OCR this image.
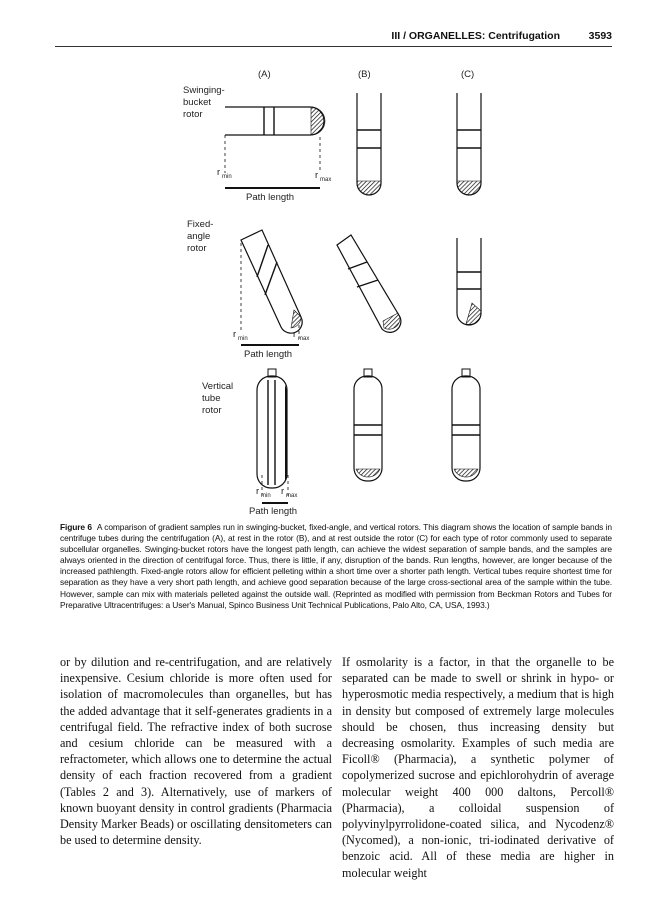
III / ORGANELLES: Centrifugation	3593
(A)	(B)	(C)
Swinging-
bucket
rotor
r min	r max
Path length
Fixed-
angle
rotor
r min	r max
Path length
Vertical
tube
rotor
r min r max
Path length
Figure 6 A comparison of gradient samples run in swinging-bucket, fixed-angle, and vertical rotors. This diagram shows the location of sample bands in centrifuge tubes during the centrifugation (A), at rest in the rotor (B), and at rest outside the rotor (C) for each type of rotor commonly used to separate subcellular organelles. Swinging-bucket rotors have the longest path length, can achieve the widest separation of sample bands, and the samples are always oriented in the direction of centrifugal force. Thus, there is little, if any, disruption of the bands. Run lengths, however, are longer because of the increased pathlength. Fixed-angle rotors allow for efficient pelleting within a short time over a shorter path length. Vertical tubes require shortest time for separation as they have a very short path length, and achieve good separation because of the large cross-sectional area of the sample within the tube. However, sample can mix with materials pelleted against the outside wall. (Reprinted as modified with permission from Beckman Rotors and Tubes for Preparative Ultracentrifuges: a User's Manual, Spinco Business Unit Technical Publications, Palo Alto, CA, USA, 1993.)
or by dilution and re-centrifugation, and are relatively inexpensive. Cesium chloride is more often used for isolation of macromolecules than organelles, but has the added advantage that it self-generates gradients in a centrifugal field. The refractive index of both sucrose and cesium chloride can be measured with a refractometer, which allows one to determine the actual density of each fraction recovered from a gradient (Tables 2 and 3). Alternatively, use of markers of known buoyant density in control gradients (Pharmacia Density Marker Beads) or oscillating densitometers can be used to determine density.
If osmolarity is a factor, in that the organelle to be separated can be made to swell or shrink in hypo- or hyperosmotic media respectively, a medium that is high in density but composed of extremely large molecules should be chosen, thus increasing density but decreasing osmolarity. Examples of such media are Ficoll® (Pharmacia), a synthetic polymer of copolymerized sucrose and epichlorohydrin of average molecular weight 400 000 daltons, Percoll® (Pharmacia), a colloidal suspension of polyvinylpyrrolidone-coated silica, and Nycodenz® (Nycomed), a non-ionic, tri-iodinated derivative of benzoic acid. All of these media are higher in molecular weight
